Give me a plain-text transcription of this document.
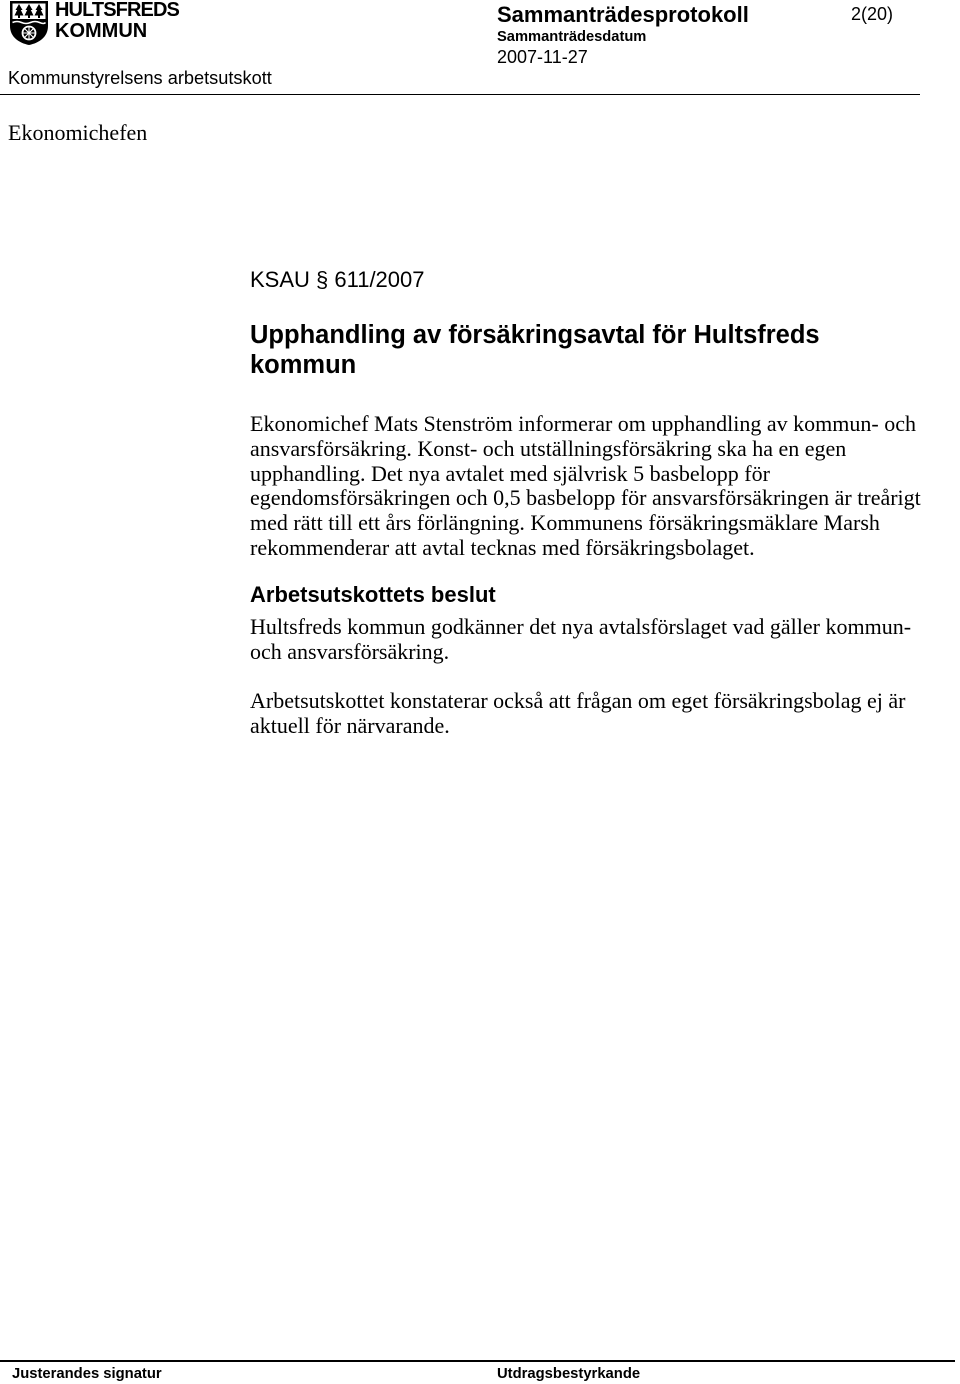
HULTSFREDS
KOMMUN
Sammanträdesprotokoll	2(20)
Sammanträdesdatum
2007-11-27
Kommunstyrelsens arbetsutskott
Ekonomichefen
KSAU § 611/2007
Upphandling av försäkringsavtal för Hultsfreds
kommun
Ekonomichef Mats Stenström informerar om upphandling av kommun- och
ansvarsförsäkring. Konst- och utställningsförsäkring ska ha en egen
upphandling. Det nya avtalet med självrisk 5 basbelopp för
egendomsförsäkringen och 0,5 basbelopp för ansvarsförsäkringen är treårigt
med rätt till ett års förlängning. Kommunens försäkringsmäklare Marsh
rekommenderar att avtal tecknas med försäkringsbolaget.
Arbetsutskottets beslut
Hultsfreds kommun godkänner det nya avtalsförslaget vad gäller kommun-
och ansvarsförsäkring.
Arbetsutskottet konstaterar också att frågan om eget försäkringsbolag ej är
aktuell för närvarande.
Justerandes signatur	Utdragsbestyrkande
